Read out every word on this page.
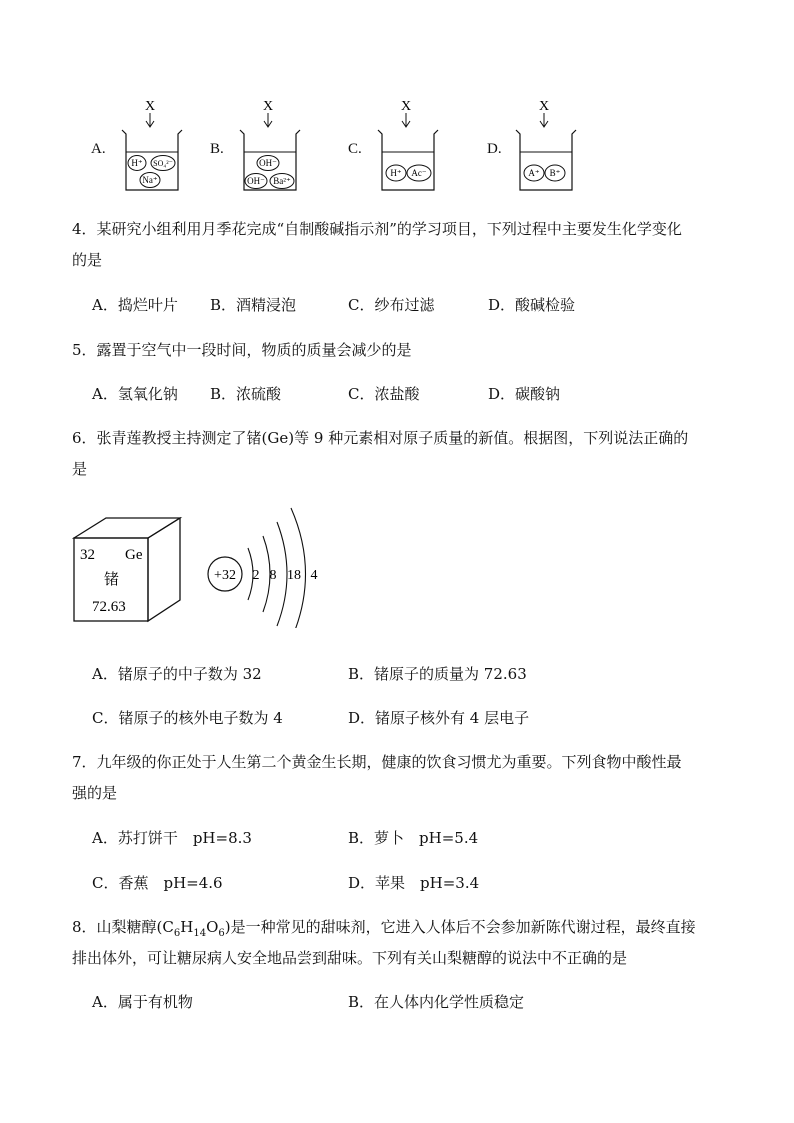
A.
X
H⁺ SO₄²⁻
Na⁺
B.
X
OH⁻
OH⁻ Ba²⁺
C.
X
H⁺ Ac⁻
D.
X
A⁺ B⁺
4．某研究小组利用月季花完成“自制酸碱指示剂”的学习项目，下列过程中主要发生化学变化
的是
A．捣烂叶片 B．酒精浸泡	C．纱布过滤	D．酸碱检验
5．露置于空气中一段时间，物质的质量会减少的是
A．氢氧化钠 B．浓硫酸	C．浓盐酸	D．碳酸钠
6．张青莲教授主持测定了锗(Ge)等 9 种元素相对原子质量的新值。根据图，下列说法正确的
是
32 Ge
锗
72.63
+32 2 8 18 4
A．锗原子的中子数为 32	B．锗原子的质量为 72.63
C．锗原子的核外电子数为 4	D．锗原子核外有 4 层电子
7．九年级的你正处于人生第二个黄金生长期，健康的饮食习惯尤为重要。下列食物中酸性最
强的是
A．苏打饼干　pH=8.3	B．萝卜　pH=5.4
C．香蕉　pH=4.6	D．苹果　pH=3.4
8．山梨糖醇$(C_6H_{14}O_6)$是一种常见的甜味剂，它进入人体后不会参加新陈代谢过程，最终直接
排出体外，可让糖尿病人安全地品尝到甜味。下列有关山梨糖醇的说法中不正确的是
A．属于有机物	B．在人体内化学性质稳定
